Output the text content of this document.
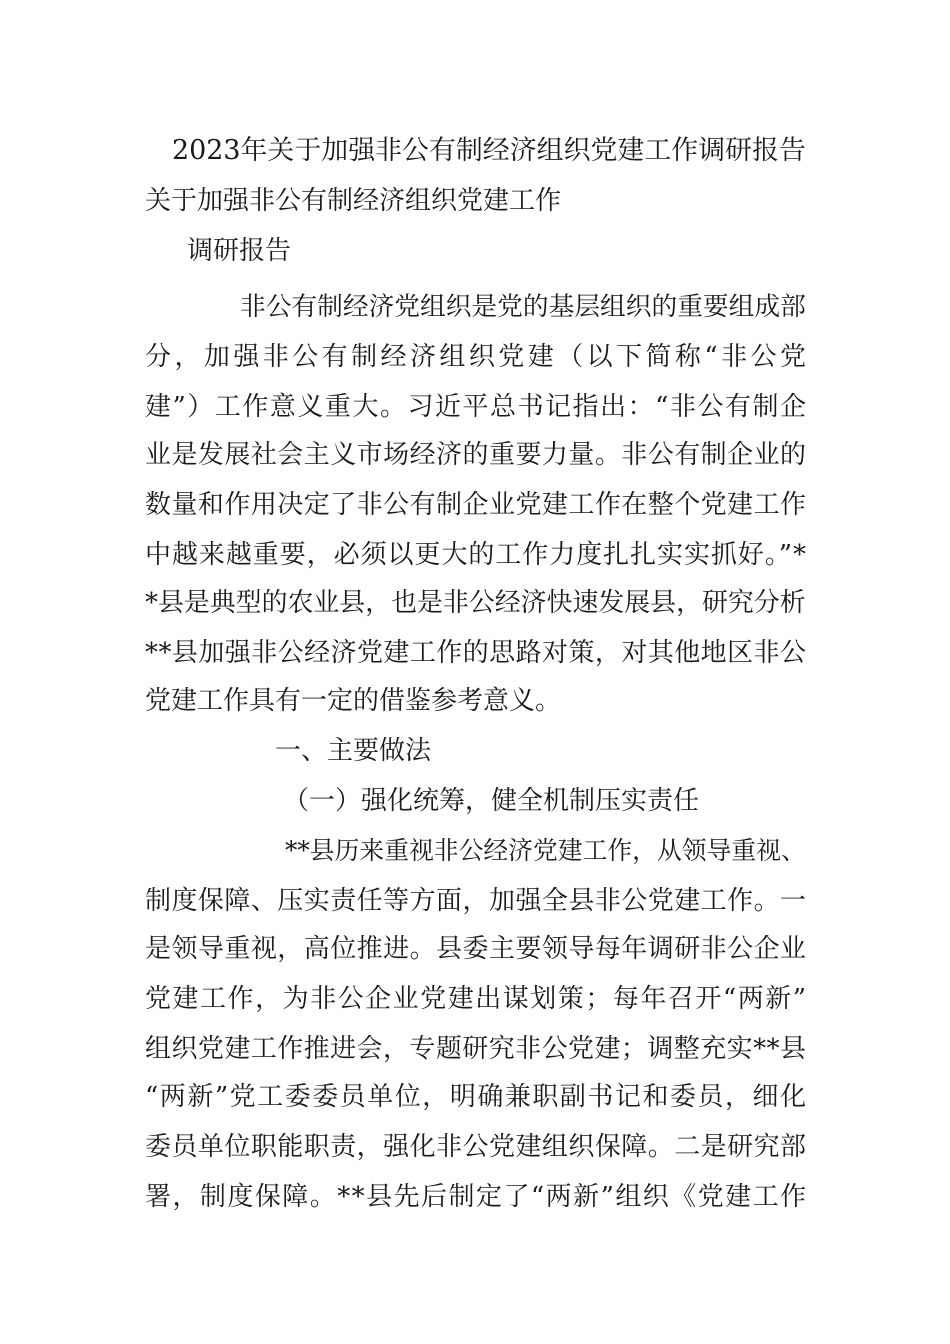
2023年关于加强非公有制经济组织党建工作调研报告

关于加强非公有制经济组织党建工作

调研报告

非公有制经济党组织是党的基层组织的重要组成部

分，加强非公有制经济组织党建（以下简称“非公党

建”）工作意义重大。习近平总书记指出：“非公有制企

业是发展社会主义市场经济的重要力量。非公有制企业的

数量和作用决定了非公有制企业党建工作在整个党建工作

中越来越重要，必须以更大的工作力度扎扎实实抓好。”*

*县是典型的农业县，也是非公经济快速发展县，研究分析

**县加强非公经济党建工作的思路对策，对其他地区非公

党建工作具有一定的借鉴参考意义。

一、主要做法

（一）强化统筹，健全机制压实责任

**县历来重视非公经济党建工作，从领导重视、

制度保障、压实责任等方面，加强全县非公党建工作。一

是领导重视，高位推进。县委主要领导每年调研非公企业

党建工作，为非公企业党建出谋划策；每年召开“两新”

组织党建工作推进会，专题研究非公党建；调整充实**县

“两新”党工委委员单位，明确兼职副书记和委员，细化

委员单位职能职责，强化非公党建组织保障。二是研究部

署，制度保障。**县先后制定了“两新”组织《党建工作
